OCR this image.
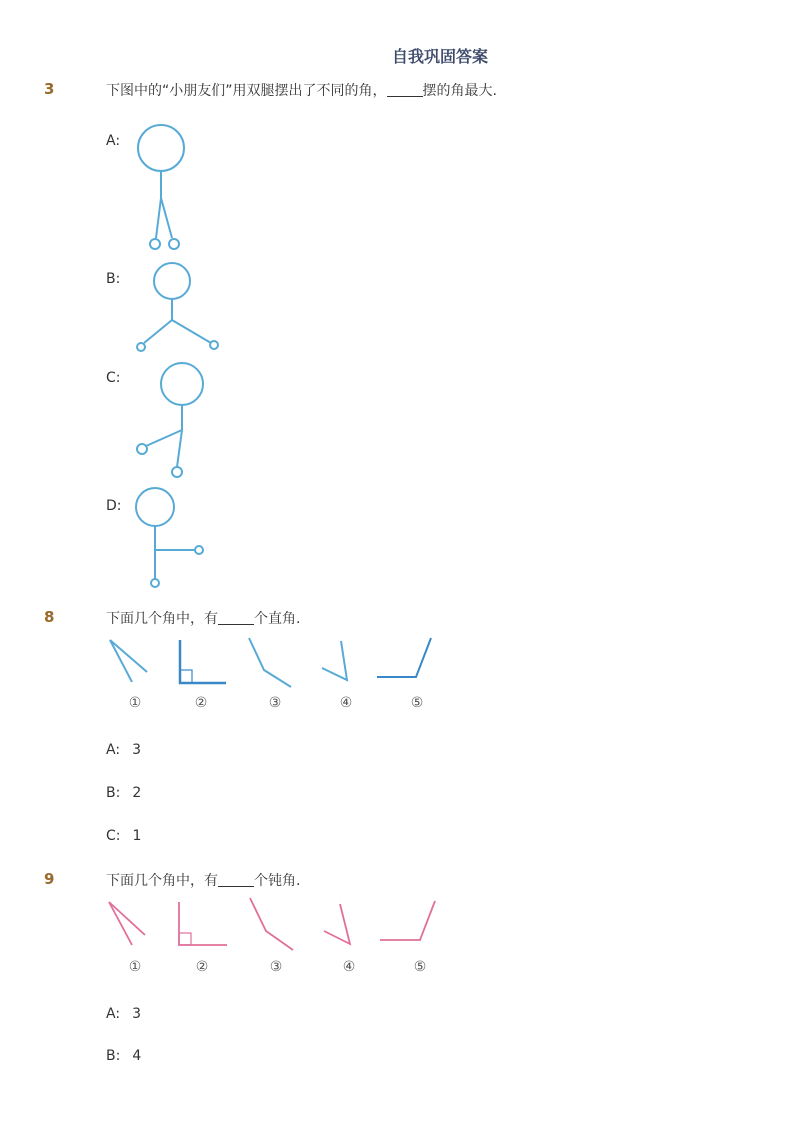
自我巩固答案
3	下图中的“小朋友们”用双腿摆出了不同的角，	摆的角最大.
A:
B:
C:
D:
8	下面几个角中，有	个直角.
①	②	③	④	⑤
A: 3
B: 2
C: 1
9	下面几个角中，有	个钝角.
①	②	③	④	⑤
A: 3
B: 4
